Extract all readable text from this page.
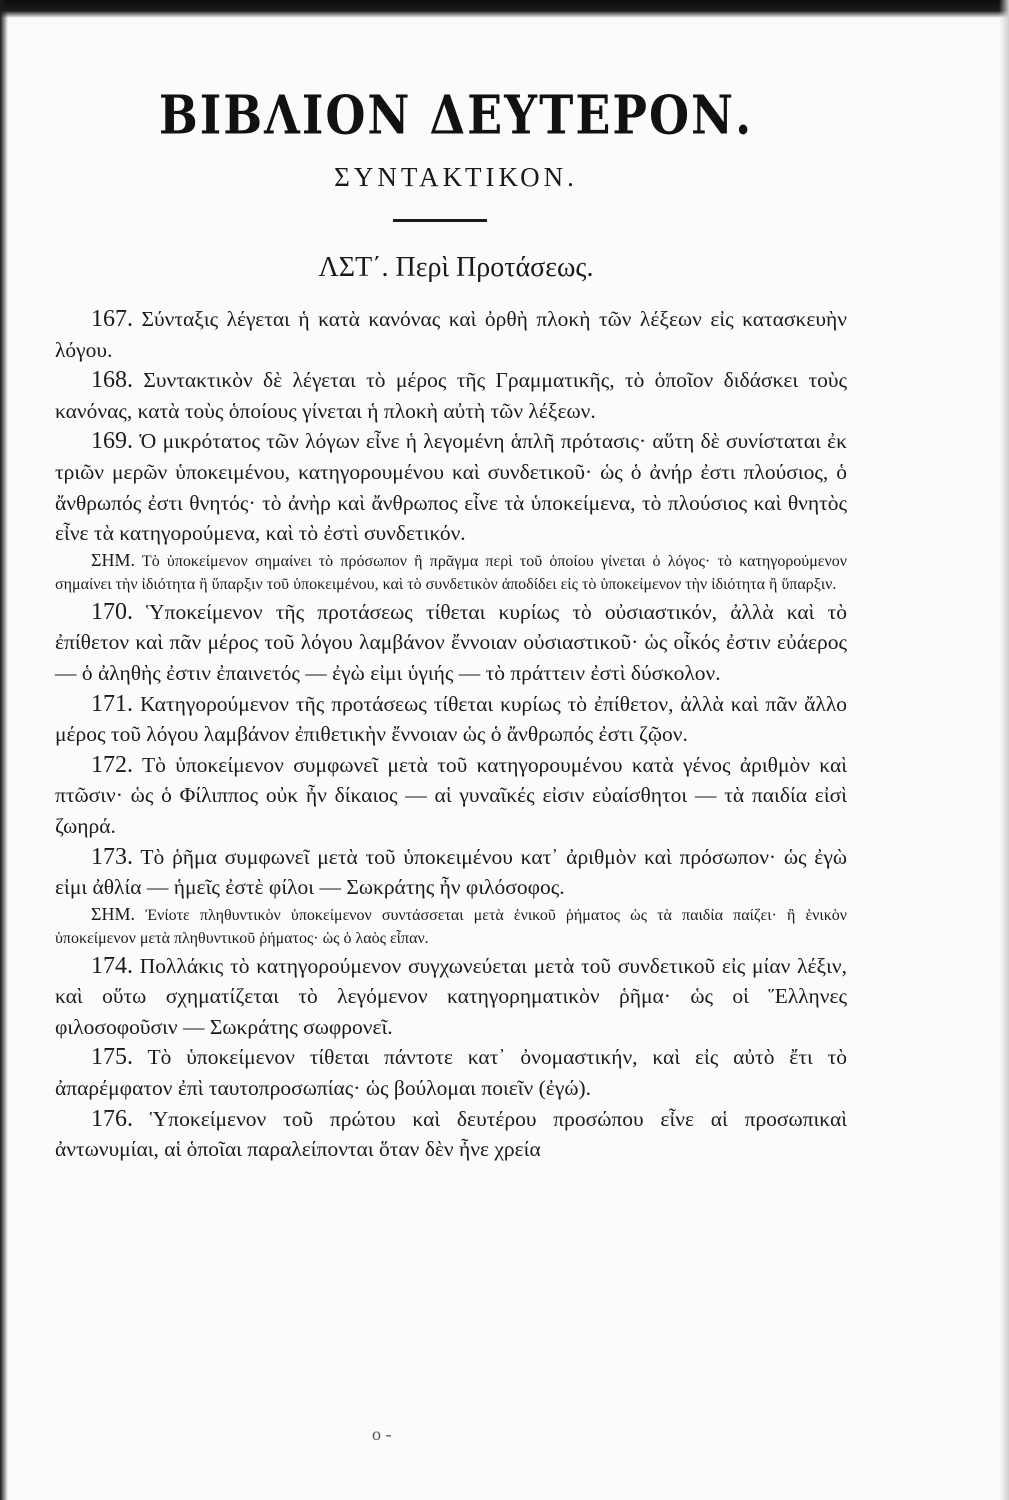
ΒΙΒΛΙΟΝ ΔΕΥΤΕΡΟΝ.
ΣΥΝΤΑΚΤΙΚΟΝ.
ΛΣΤ΄. Περὶ Προτάσεως.

167. Σύνταξις λέγεται ἡ κατὰ κανόνας καὶ ὀρθὴ πλοκὴ τῶν λέξεων εἰς κατασκευὴν λόγου.

168. Συντακτικὸν δὲ λέγεται τὸ μέρος τῆς Γραμματικῆς, τὸ ὁποῖον διδάσκει τοὺς κανόνας, κατὰ τοὺς ὁποίους γίνεται ἡ πλοκὴ αὐτὴ τῶν λέξεων.

169. Ὁ μικρότατος τῶν λόγων εἶνε ἡ λεγομένη ἁπλῆ πρότασις· αὕτη δὲ συνίσταται ἐκ τριῶν μερῶν ὑποκειμένου, κατηγορουμένου καὶ συνδετικοῦ· ὡς ὁ ἀνήρ ἐστι πλούσιος, ὁ ἄνθρωπός ἐστι θνητός· τὸ ἀνὴρ καὶ ἄνθρωπος εἶνε τὰ ὑποκείμενα, τὸ πλούσιος καὶ θνητὸς εἶνε τὰ κατηγορούμενα, καὶ τὸ ἐστὶ συνδετικόν.

ΣΗΜ. Τὸ ὑποκείμενον σημαίνει τὸ πρόσωπον ἢ πρᾶγμα περὶ τοῦ ὁποίου γίνεται ὁ λόγος· τὸ κατηγορούμενον σημαίνει τὴν ἰδιότητα ἢ ὕπαρξιν τοῦ ὑποκειμένου, καὶ τὸ συνδετικὸν ἀποδίδει εἰς τὸ ὑποκείμενον τὴν ἰδιότητα ἢ ὕπαρξιν.

170. Ὑποκείμενον τῆς προτάσεως τίθεται κυρίως τὸ οὐσιαστικόν, ἀλλὰ καὶ τὸ ἐπίθετον καὶ πᾶν μέρος τοῦ λόγου λαμβάνον ἔννοιαν οὐσιαστικοῦ· ὡς οἶκός ἐστιν εὐάερος — ὁ ἀληθὴς ἐστιν ἐπαινετός — ἐγὼ εἰμι ὑγιής — τὸ πράττειν ἐστὶ δύσκολον.

171. Κατηγορούμενον τῆς προτάσεως τίθεται κυρίως τὸ ἐπίθετον, ἀλλὰ καὶ πᾶν ἄλλο μέρος τοῦ λόγου λαμβάνον ἐπιθετικὴν ἔννοιαν ὡς ὁ ἄνθρωπός ἐστι ζῷον.

172. Τὸ ὑποκείμενον συμφωνεῖ μετὰ τοῦ κατηγορουμένου κατὰ γένος ἀριθμὸν καὶ πτῶσιν· ὡς ὁ Φίλιππος οὐκ ἦν δίκαιος — αἱ γυναῖκές εἰσιν εὐαίσθητοι — τὰ παιδία εἰσὶ ζωηρά.

173. Τὸ ῥῆμα συμφωνεῖ μετὰ τοῦ ὑποκειμένου κατ᾽ ἀριθμὸν καὶ πρόσωπον· ὡς ἐγὼ εἰμι ἀθλία — ἡμεῖς ἐστὲ φίλοι — Σωκράτης ἦν φιλόσοφος.

ΣΗΜ. Ἐνίοτε πληθυντικὸν ὑποκείμενον συντάσσεται μετὰ ἑνικοῦ ῥήματος ὡς τὰ παιδία παίζει· ἢ ἑνικὸν ὑποκείμενον μετὰ πληθυντικοῦ ῥήματος· ὡς ὁ λαὸς εἶπαν.

174. Πολλάκις τὸ κατηγορούμενον συγχωνεύεται μετὰ τοῦ συνδετικοῦ εἰς μίαν λέξιν, καὶ οὕτω σχηματίζεται τὸ λεγόμενον κατηγορηματικὸν ῥῆμα· ὡς οἱ Ἕλληνες φιλοσοφοῦσιν — Σωκράτης σωφρονεῖ.

175. Τὸ ὑποκείμενον τίθεται πάντοτε κατ᾽ ὀνομαστικήν, καὶ εἰς αὐτὸ ἔτι τὸ ἀπαρέμφατον ἐπὶ ταυτοπροσωπίας· ὡς βούλομαι ποιεῖν (ἐγώ).

176. Ὑποκείμενον τοῦ πρώτου καὶ δευτέρου προσώπου εἶνε αἱ προσωπικαὶ ἀντωνυμίαι, αἱ ὁποῖαι παραλείπονται ὅταν δὲν ἦνε χρεία

ο -
